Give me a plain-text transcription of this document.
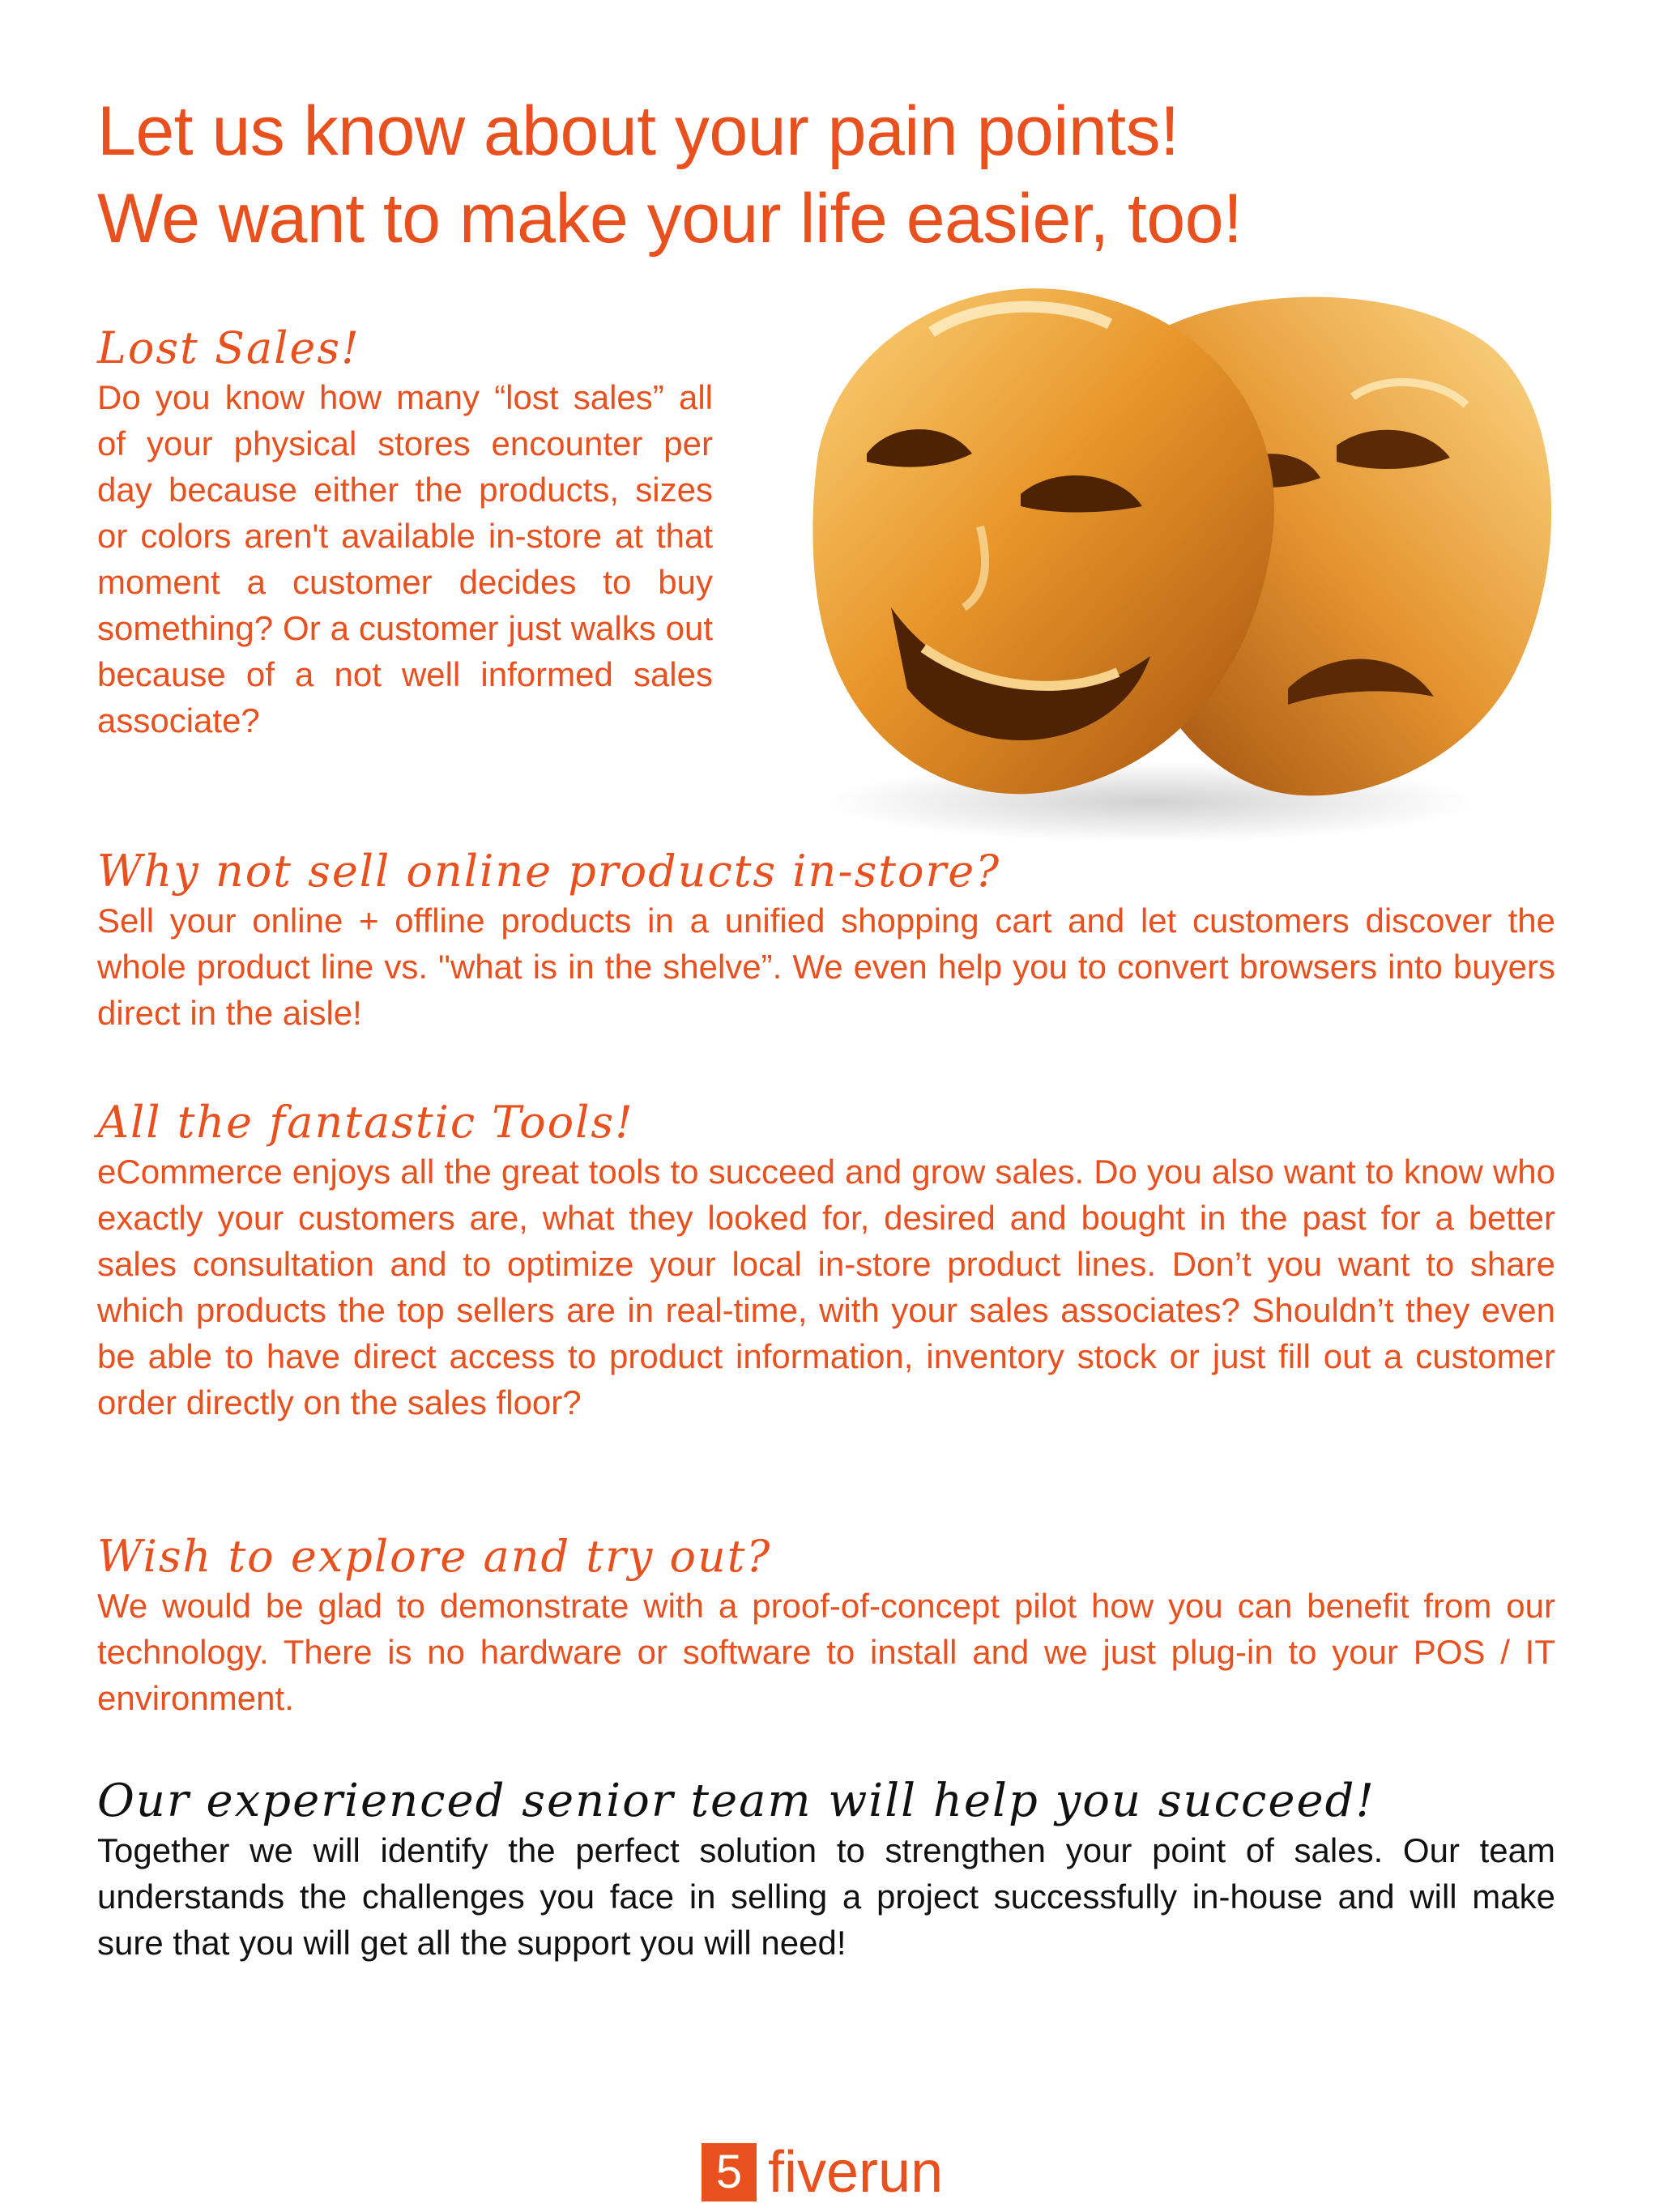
Let us know about your pain points!
We want to make your life easier, too!
Lost Sales!

Do you know how many “lost sales” all of your physical stores encounter per day because either the products, sizes or colors aren't available in-store at that moment a customer decides to buy something? Or a customer just walks out because of a not well informed sales associate?

Why not sell online products in-store?

Sell your online + offline products in a unified shopping cart and let customers discover the whole product line vs. "what is in the shelve”. We even help you to convert browsers into buyers direct in the aisle!

All the fantastic Tools!

eCommerce enjoys all the great tools to succeed and grow sales. Do you also want to know who exactly your customers are, what they looked for, desired and bought in the past for a better sales consultation and to optimize your local in-store product lines. Don’t you want to share which products the top sellers are in real-time, with your sales associates? Shouldn’t they even be able to have direct access to product information, inventory stock or just fill out a customer order directly on the sales floor?

Wish to explore and try out?

We would be glad to demonstrate with a proof-of-concept pilot how you can benefit from our technology. There is no hardware or software to install and we just plug-in to your POS / IT environment.

Our experienced senior team will help you succeed!

Together we will identify the perfect solution to strengthen your point of sales. Our team understands the challenges you face in selling a project successfully in-house and will make sure that you will get all the support you will need!

5 fiverun
